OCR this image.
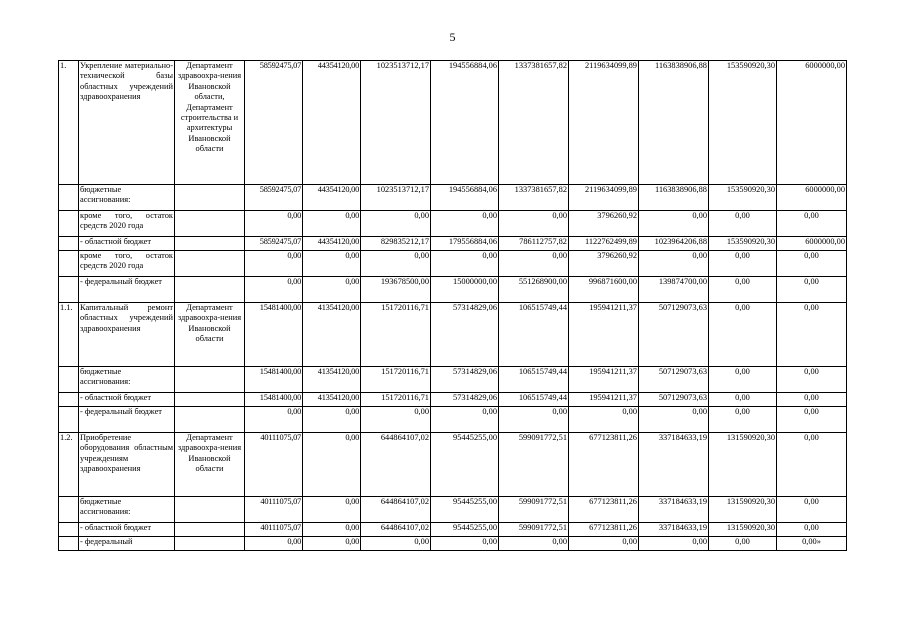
5
1.	Укрепление материально-технической базы областных учреждений здравоохранения	Департамент здравоохра-нения Ивановской области, Департамент строительства и архитектуры Ивановской области	58592475,07	44354120,00	1023513712,17	194556884,06	1337381657,82	2119634099,89	1163838906,88	153590920,30	6000000,00
	бюджетные ассигнования:		58592475,07	44354120,00	1023513712,17	194556884,06	1337381657,82	2119634099,89	1163838906,88	153590920,30	6000000,00
	кроме того, остаток средств 2020 года		0,00	0,00	0,00	0,00	0,00	3796260,92	0,00	0,00	0,00
	- областной бюджет		58592475,07	44354120,00	829835212,17	179556884,06	786112757,82	1122762499,89	1023964206,88	153590920,30	6000000,00
	кроме того, остаток средств 2020 года		0,00	0,00	0,00	0,00	0,00	3796260,92	0,00	0,00	0,00
	- федеральный бюджет		0,00	0,00	193678500,00	15000000,00	551268900,00	996871600,00	139874700,00	0,00	0,00
1.1.	Капитальный ремонт областных учреждений здравоохранения	Департамент здравоохра-нения Ивановской области	15481400,00	41354120,00	151720116,71	57314829,06	106515749,44	195941211,37	507129073,63	0,00	0,00
	бюджетные ассигнования:		15481400,00	41354120,00	151720116,71	57314829,06	106515749,44	195941211,37	507129073,63	0,00	0,00
	- областной бюджет		15481400,00	41354120,00	151720116,71	57314829,06	106515749,44	195941211,37	507129073,63	0,00	0,00
	- федеральный бюджет		0,00	0,00	0,00	0,00	0,00	0,00	0,00	0,00	0,00
1.2.	Приобретение оборудования областным учреждениям здравоохранения	Департамент здравоохра-нения Ивановской области	40111075,07	0,00	644864107,02	95445255,00	599091772,51	677123811,26	337184633,19	131590920,30	0,00
	бюджетные ассигнования:		40111075,07	0,00	644864107,02	95445255,00	599091772,51	677123811,26	337184633,19	131590920,30	0,00
	- областной бюджет		40111075,07	0,00	644864107,02	95445255,00	599091772,51	677123811,26	337184633,19	131590920,30	0,00
	- федеральный		0,00	0,00	0,00	0,00	0,00	0,00	0,00	0,00	0,00»
